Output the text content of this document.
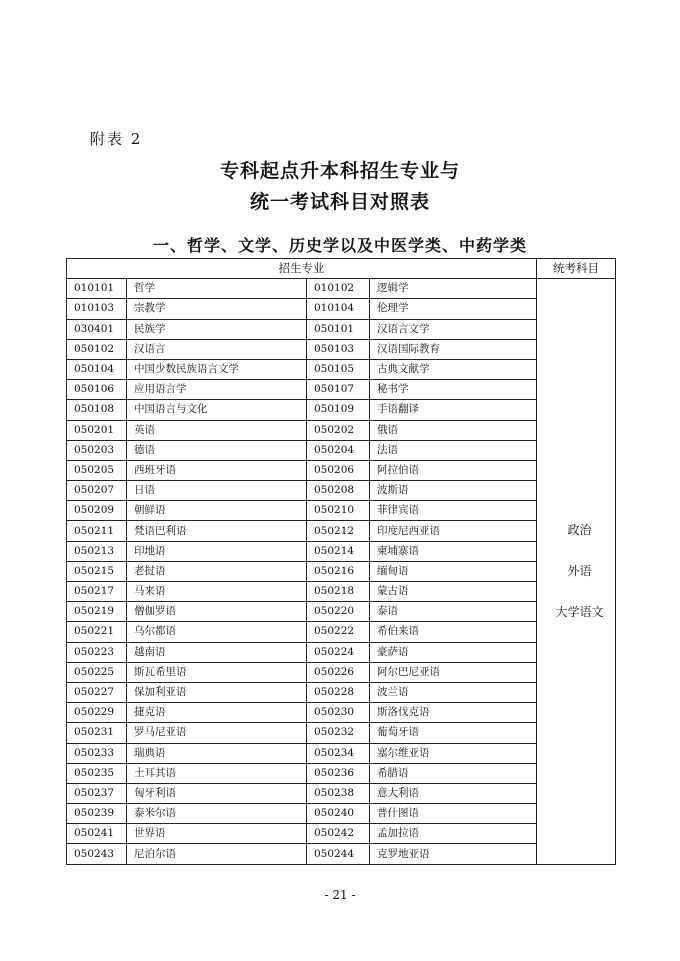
附表 2
专科起点升本科招生专业与
统一考试科目对照表
一、哲学、文学、历史学以及中医学类、中药学类
招生专业				统考科目
010101	哲学	010102	逻辑学	政治
外语
大学语文

010103	宗教学	010104	伦理学	
030401	民族学	050101	汉语言文学	
050102	汉语言	050103	汉语国际教育	
050104	中国少数民族语言文学	050105	古典文献学	
050106	应用语言学	050107	秘书学	
050108	中国语言与文化	050109	手语翻译	
050201	英语	050202	俄语	
050203	德语	050204	法语	
050205	西班牙语	050206	阿拉伯语	
050207	日语	050208	波斯语	
050209	朝鲜语	050210	菲律宾语	
050211	梵语巴利语	050212	印度尼西亚语	
050213	印地语	050214	柬埔寨语	
050215	老挝语	050216	缅甸语	
050217	马来语	050218	蒙古语	
050219	僧伽罗语	050220	泰语	
050221	乌尔都语	050222	希伯来语	
050223	越南语	050224	豪萨语	
050225	斯瓦希里语	050226	阿尔巴尼亚语	
050227	保加利亚语	050228	波兰语	
050229	捷克语	050230	斯洛伐克语	
050231	罗马尼亚语	050232	葡萄牙语	
050233	瑞典语	050234	塞尔维亚语	
050235	土耳其语	050236	希腊语	
050237	匈牙利语	050238	意大利语	
050239	泰米尔语	050240	普什图语	
050241	世界语	050242	孟加拉语	
050243	尼泊尔语	050244	克罗地亚语	
- 21 -
